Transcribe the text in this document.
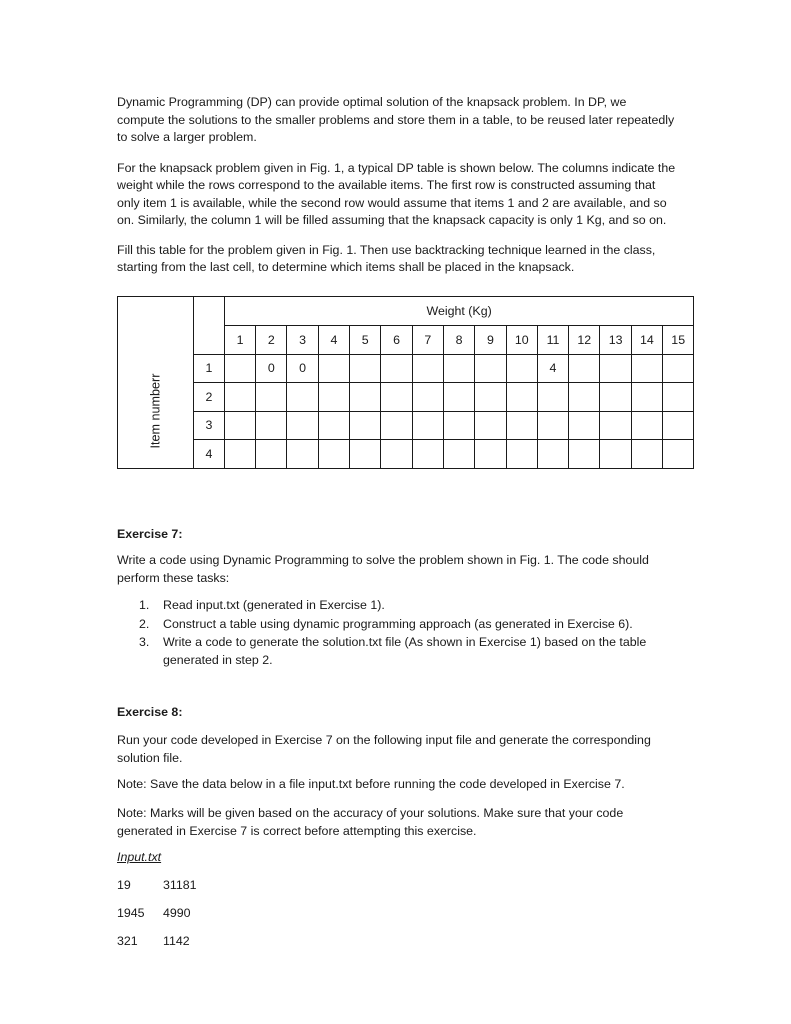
Dynamic Programming (DP) can provide optimal solution of the knapsack problem. In DP, we compute the solutions to the smaller problems and store them in a table, to be reused later repeatedly to solve a larger problem.

For the knapsack problem given in Fig. 1, a typical DP table is shown below. The columns indicate the weight while the rows correspond to the available items. The first row is constructed assuming that only item 1 is available, while the second row would assume that items 1 and 2 are available, and so on. Similarly, the column 1 will be filled assuming that the knapsack capacity is only 1 Kg, and so on.

Fill this table for the problem given in Fig. 1. Then use backtracking technique learned in the class, starting from the last cell, to determine which items shall be placed in the knapsack.

		Weight (Kg)														
		1	2	3	4	5	6	7	8	9	10	11	12	13	14	15
Item numberr	1		0	0								4				
	2															
	3															
	4															
Exercise 7:

Write a code using Dynamic Programming to solve the problem shown in Fig. 1. The code should perform these tasks:

1. Read input.txt (generated in Exercise 1).
2. Construct a table using dynamic programming approach (as generated in Exercise 6).
3. Write a code to generate the solution.txt file (As shown in Exercise 1) based on the table generated in step 2.
Exercise 8:

Run your code developed in Exercise 7 on the following input file and generate the corresponding solution file.

Note: Save the data below in a file input.txt before running the code developed in Exercise 7.

Note: Marks will be given based on the accuracy of your solutions. Make sure that your code generated in Exercise 7 is correct before attempting this exercise.

Input.txt
19	31181
1945 4990
321 1142
